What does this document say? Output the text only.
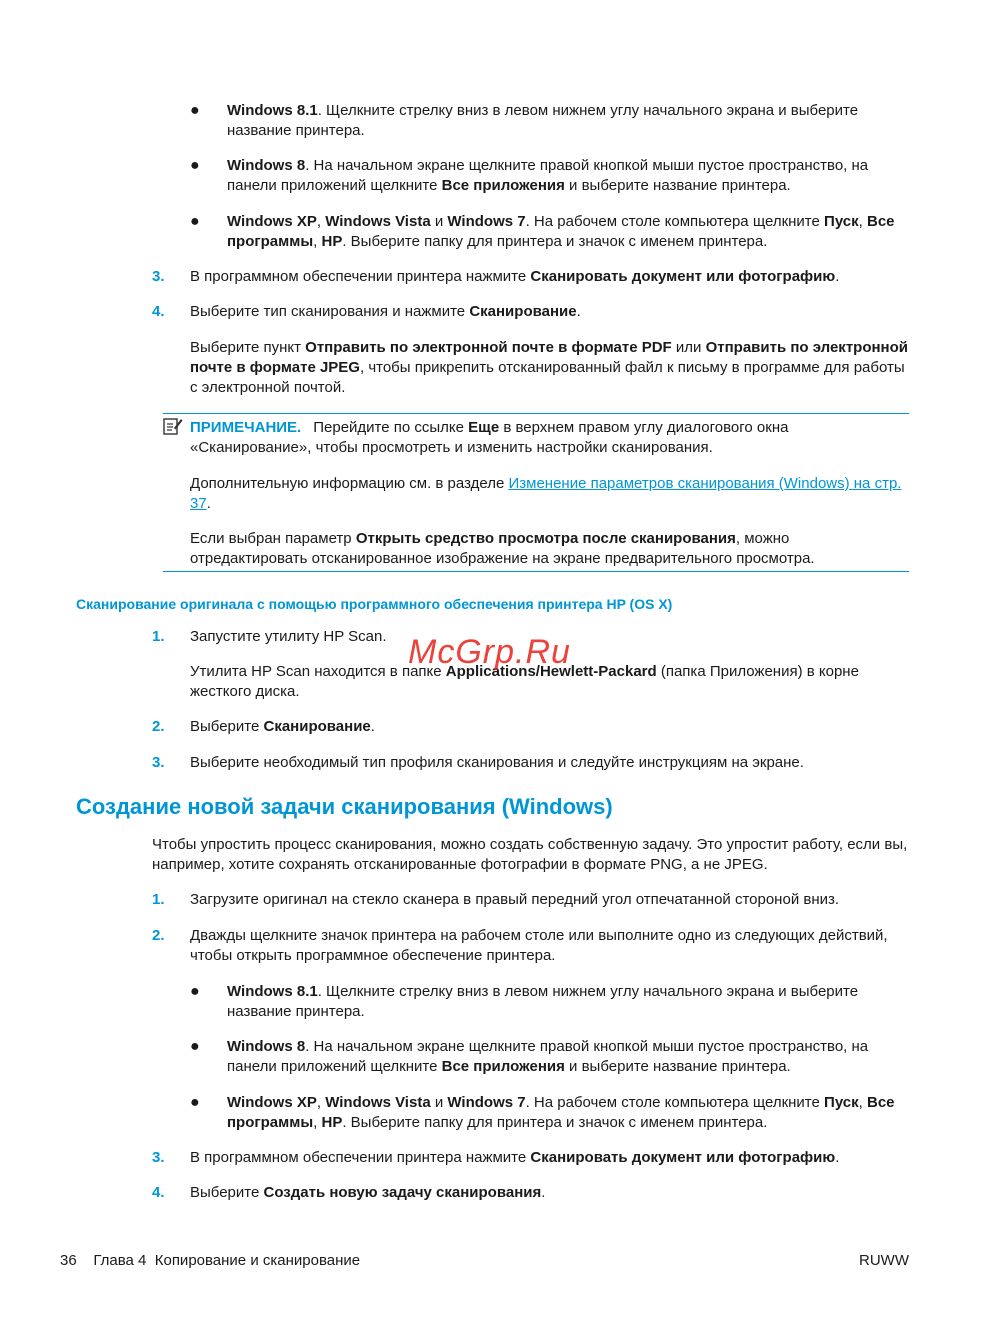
● Windows 8.1. Щелкните стрелку вниз в левом нижнем углу начального экрана и выберите название принтера.
● Windows 8. На начальном экране щелкните правой кнопкой мыши пустое пространство, на панели приложений щелкните Все приложения и выберите название принтера.
● Windows XP, Windows Vista и Windows 7. На рабочем столе компьютера щелкните Пуск, Все программы, HP. Выберите папку для принтера и значок с именем принтера.
3. В программном обеспечении принтера нажмите Сканировать документ или фотографию.
4. Выберите тип сканирования и нажмите Сканирование.
Выберите пункт Отправить по электронной почте в формате PDF или Отправить по электронной почте в формате JPEG, чтобы прикрепить отсканированный файл к письму в программе для работы с электронной почтой.
ПРИМЕЧАНИЕ. Перейдите по ссылке Еще в верхнем правом углу диалогового окна «Сканирование», чтобы просмотреть и изменить настройки сканирования.
Дополнительную информацию см. в разделе Изменение параметров сканирования (Windows) на стр. 37.
Если выбран параметр Открыть средство просмотра после сканирования, можно отредактировать отсканированное изображение на экране предварительного просмотра.
Сканирование оригинала с помощью программного обеспечения принтера HP (OS X)
1. Запустите утилиту HP Scan.
Утилита HP Scan находится в папке Applications/Hewlett-Packard (папка Приложения) в корне жесткого диска.
2. Выберите Сканирование.
3. Выберите необходимый тип профиля сканирования и следуйте инструкциям на экране.
McGrp.Ru
Создание новой задачи сканирования (Windows)
Чтобы упростить процесс сканирования, можно создать собственную задачу. Это упростит работу, если вы, например, хотите сохранять отсканированные фотографии в формате PNG, а не JPEG.
1. Загрузите оригинал на стекло сканера в правый передний угол отпечатанной стороной вниз.
2. Дважды щелкните значок принтера на рабочем столе или выполните одно из следующих действий, чтобы открыть программное обеспечение принтера.
● Windows 8.1. Щелкните стрелку вниз в левом нижнем углу начального экрана и выберите название принтера.
● Windows 8. На начальном экране щелкните правой кнопкой мыши пустое пространство, на панели приложений щелкните Все приложения и выберите название принтера.
● Windows XP, Windows Vista и Windows 7. На рабочем столе компьютера щелкните Пуск, Все программы, HP. Выберите папку для принтера и значок с именем принтера.
3. В программном обеспечении принтера нажмите Сканировать документ или фотографию.
4. Выберите Создать новую задачу сканирования.
36 Глава 4 Копирование и сканирование	RUWW
